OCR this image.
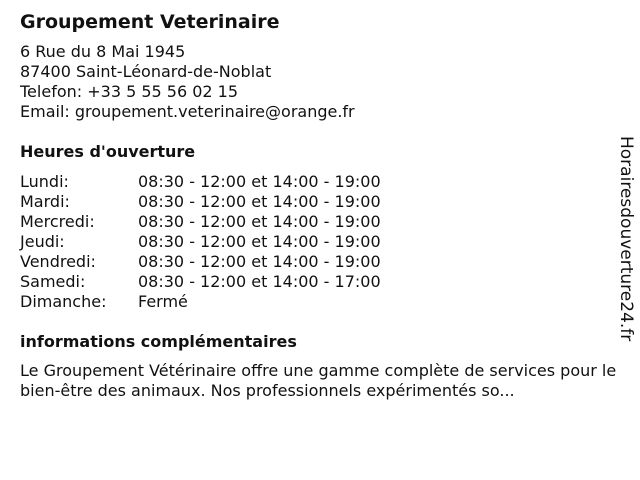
Groupement Veterinaire

6 Rue du 8 Mai 1945

87400 Saint-Léonard-de-Noblat

Telefon: +33 5 55 56 02 15

Email: groupement.veterinaire@orange.fr

Heures d'ouverture
Lundi:	08:30 - 12:00 et 14:00 - 19:00
Mardi:	08:30 - 12:00 et 14:00 - 19:00
Mercredi:	08:30 - 12:00 et 14:00 - 19:00
Jeudi:	08:30 - 12:00 et 14:00 - 19:00
Vendredi:	08:30 - 12:00 et 14:00 - 19:00
Samedi:	08:30 - 12:00 et 14:00 - 17:00
Dimanche:	Fermé
informations complémentaires

Le Groupement Vétérinaire offre une gamme complète de services pour le bien-être des animaux. Nos professionnels expérimentés so...

Horairesdouverture24.fr
